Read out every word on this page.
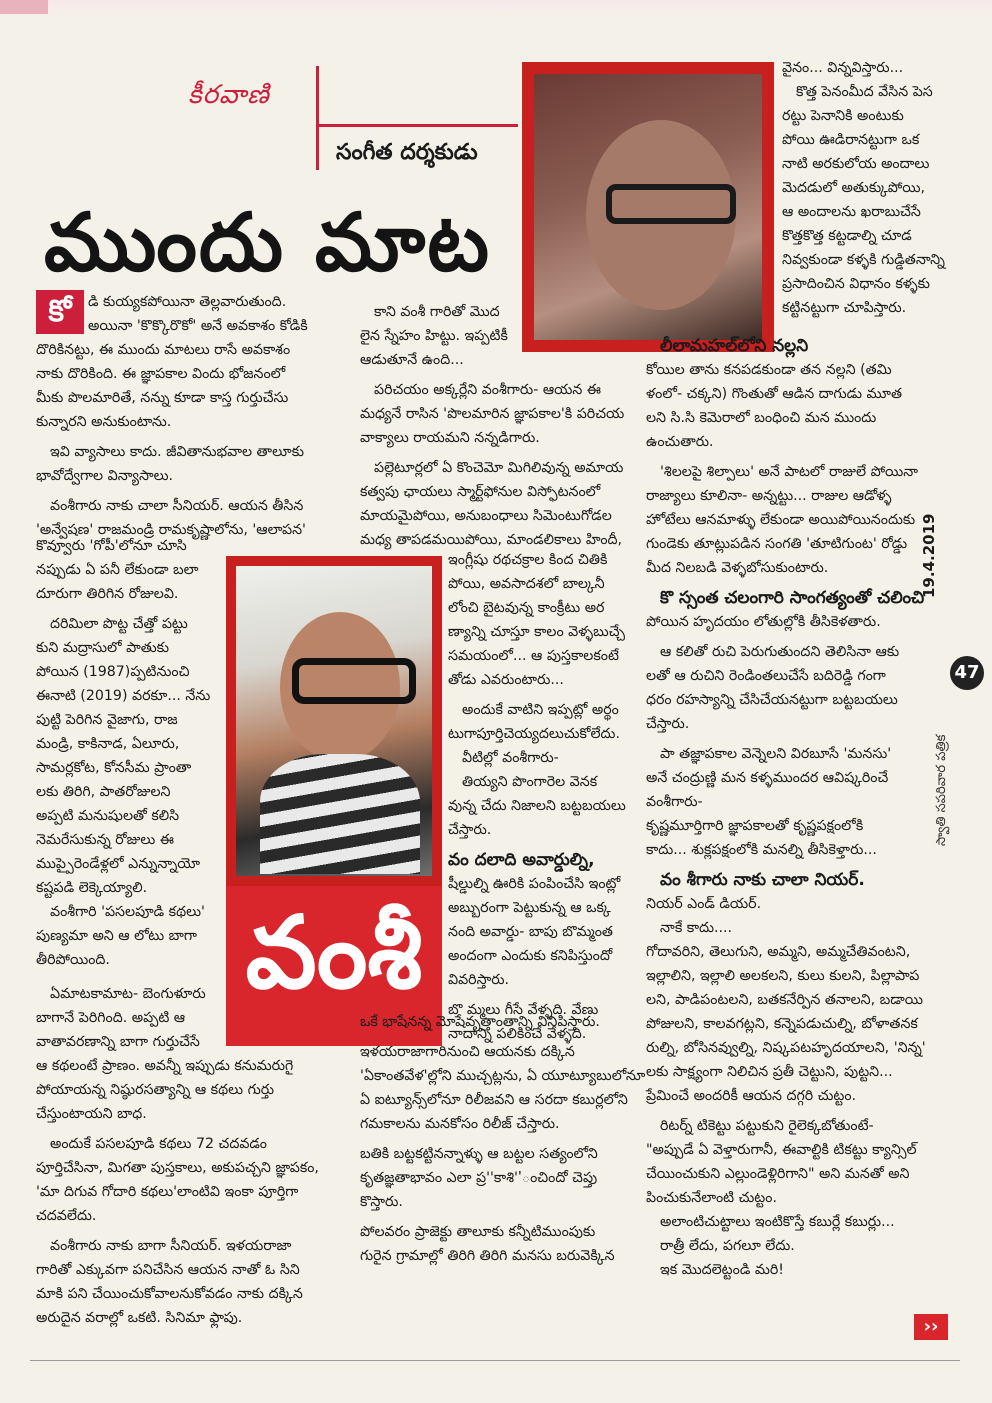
కీరవాణి
సంగీత దర్శకుడు
ముందు మాట
వంశీ

కో	డి కుయ్యకపోయినా తెల్లవారుతుంది.

అయినా 'కొక్కొరొకో' అనే అవకాశం కోడికి

దొరికినట్టు, ఈ ముందు మాటలు రాసే అవకాశం

నాకు దొరికింది. ఈ జ్ఞాపకాల విందు భోజనంలో

మీకు పొలమారితే, నన్ను కూడా కాస్త గుర్తుచేసు

కున్నారని అనుకుంటాను.

ఇవి వ్యాసాలు కాదు. జీవితానుభవాల తాలూకు

భావోద్వేగాల విన్యాసాలు.

వంశీగారు నాకు చాలా సీనియర్. ఆయన తీసిన

'అన్వేషణ' రాజమండ్రి రామకృష్ణాలోను, 'ఆలాపన'

కొవ్వూరు 'గోపీ'లోనూ చూసి

నప్పుడు ఏ పనీ లేకుండా బలా

దూరుగా తిరిగిన రోజులవి.

దరిమిలా పొట్ట చేత్తో పట్టు

కుని మద్రాసులో పాతుకు

పోయిన (1987)ప్పటినుంచి

ఈనాటి (2019) వరకూ... నేను

పుట్టి పెరిగిన వైజాగు, రాజ

మండ్రి, కాకినాడ, ఏలూరు,

సామర్లకోట, కోనసీమ ప్రాంతా

లకు తిరిగి, పాతరోజులని

అప్పటి మనుషులతో కలిసి

నెమరేసుకున్న రోజులు ఈ

ముప్పైరెండేళ్లలో ఎన్నున్నాయో

కష్టపడి లెక్కెయ్యాలి.

వంశీగారి 'పసలపూడి కథలు'

పుణ్యమా అని ఆ లోటు బాగా

తీరిపోయింది.

ఏమాటకామాట- బెంగుళూరు

బాగానే పెరిగింది. అప్పటి ఆ

వాతావరణాన్ని బాగా గుర్తుచేసే

ఆ కథలంటే ప్రాణం. అవన్నీ ఇప్పుడు కనుమరుగై

పోయాయన్న నిష్ఠురసత్యాన్ని ఆ కథలు గుర్తు

చేస్తుంటాయని బాధ.

అందుకే పసలపూడి కథలు 72 చదవడం

పూర్తిచేసినా, మిగతా పుస్తకాలు, అకుపచ్చని జ్ఞాపకం,

'మా దిగువ గోదారి కథలు'లాంటివి ఇంకా పూర్తిగా

చదవలేదు.

వంశీగారు నాకు బాగా సీనియర్. ఇళయరాజా

గారితో ఎక్కువగా పనిచేసిన ఆయన నాతో ఓ సిని

మాకి పని చేయించుకోవాలనుకోవడం నాకు దక్కిన

అరుదైన వరాల్లో ఒకటి. సినిమా ఫ్లాపు.

కాని వంశీ గారితో మొద

లైన స్నేహం హిట్టు. ఇప్పటికీ

ఆడుతూనే ఉంది...

పరిచయం అక్కర్లేని వంశీగారు- ఆయన ఈ

మధ్యనే రాసిన 'పొలమారిన జ్ఞాపకాల'కి పరిచయ

వాక్యాలు రాయమని నన్నడిగారు.

పల్లెటూర్లలో ఏ కొంచెమో మిగిలివున్న అమాయ

కత్వపు ఛాయలు స్మార్ట్‌ఫోనుల విస్ఫోటనంలో

మాయమైపోయి, అనుబంధాలు సిమెంటుగోడల

మధ్య తాపడమయిపోయి, మాండలికాలు హిందీ,

ఇంగ్లీషు రథచక్రాల కింద చితికి

పోయి, అవసాదశలో బాల్కనీ

లోంచి బైటవున్న కాంక్రీటు అర

ణ్యాన్ని చూస్తూ కాలం వెళ్ళబుచ్చే

సమయంలో... ఆ పుస్తకాలకంటే

తోడు ఎవరుంటారు...

అందుకే వాటిని ఇప్పట్లో అర్థం

టుగాపూర్తిచెయ్యదలుచుకోలేదు.

వీటిల్లో వంశీగారు-

తియ్యని పొంగారెల వెనక

వున్న చేదు నిజాలని బట్టబయలు

చేస్తారు.

వం దలాది అవార్డుల్ని,

షీల్డుల్ని ఊరికి పంపించేసి ఇంట్లో

అబ్బురంగా పెట్టుకున్న ఆ ఒక్క

నంది అవార్డు- బాపు బొమ్మంత

అందంగా ఎందుకు కనిపిస్తుందో

వివరిస్తారు.

బొ మ్మలు గీసే వేళ్ళది. వేణు

నాదాన్ని పలికించే వేళ్ళది.

ఒకే భాషేనన్న మోషేవృత్తాంతాన్ని వినిపిస్తారు.

ఇళయరాజాగారినుంచి ఆయనకు దక్కిన

'ఏకాంతవేళ'ల్లోని ముచ్చట్లను, ఏ యూట్యూబులోనూ

ఏ ఐట్యూన్స్‌లోనూ రిలీజవని ఆ సరదా కబుర్లలోని

గమకాలను మనకోసం రిలీజ్ చేస్తారు.

బతికి బట్టకట్టినన్నాళ్ళు ఆ బట్టల సత్యంలోని

కృతజ్ఞతాభావం ఎలా ప్ర''కాశి''ంచిందో చెప్తు

కొస్తారు.

పోలవరం ప్రాజెక్టు తాలూకు కన్నీటిముంపుకు

గురైన గ్రామాల్లో తిరిగి తిరిగి మనసు బరువెక్కిన

వైనం... విన్నవిస్తారు...

కొత్త పెనంమీద వేసిన పెస

రట్టు పెనానికి అంటుకు

పోయి ఊడిరానట్టుగా ఒక

నాటి అరకులోయ అందాలు

మెదడులో అతుక్కుపోయి,

ఆ అందాలను ఖరాబుచేసే

కొత్తకొత్త కట్టడాల్ని చూడ

నివ్వకుండా కళ్ళకి గుడ్డితనాన్ని

ప్రసాదించిన విధానం కళ్ళకు

కట్టినట్టుగా చూపిస్తారు.

లీలామహల్‌లోని నల్లని

కోయిల తాను కనపడకుండా తన నల్లని (తమి

ళంలో- చక్కని) గొంతుతో ఆడిన దాగుడు మూత

లని సి.సి కెమెరాలో బంధించి మన ముందు

ఉంచుతారు.

'శిలలపై శిల్పాలు' అనే పాటలో రాజులే పోయినా

రాజ్యాలు కూలినా- అన్నట్టు... రాజుల ఆడోళ్ళ

హోటేలు ఆనమాళ్ళు లేకుండా అయిపోయినందుకు

గుండెకు తూట్లుపడిన సంగతి 'తూటిగుంట' రోడ్డు

మీద నిలబడి వెళ్ళబోసుకుంటారు.

కొ స్సంత చలంగారి సాంగత్యంతో చలించి

పోయిన హృదయం లోతుల్లోకి తీసికెళతారు.

ఆ కలితో రుచి పెరుగుతుందని తెలిసినా ఆకు

లతో ఆ రుచిని రెండింతలుచేసే బదిరెడ్డి గంగా

ధరం రహస్యాన్ని చేసిచేయనట్టుగా బట్టబయలు

చేస్తారు.

పా తజ్ఞాపకాల వెన్నెలని విరబూసే 'మనసు'

అనే చంద్రుణ్ణి మన కళ్ళముందర ఆవిష్కరించే

వంశీగారు-

కృష్ణమూర్తిగారి జ్ఞాపకాలతో కృష్ణపక్షంలోకి

కాదు... శుక్లపక్షంలోకి మనల్ని తీసికెళ్తారు...

వం శీగారు నాకు చాలా నియర్.

నియర్ ఎండ్ డియర్.

నాకే కాదు....

గోదావరిని, తెలుగుని, అమ్మని, అమ్మచేతివంటని,

ఇల్లాలిని, ఇల్లాలి అలకలని, కులు కులని, పిల్లాపాప

లని, పాడిపంటలని, బతకనేర్పిన తనాలని, బడాయి

పోజులని, కాలవగట్లని, కన్నెపడుచుల్ని, బోళాతనక

రుల్ని, బోసినవ్వుల్ని, నిష్కపటహృదయాలని, 'నిన్న'

లకు సాక్ష్యంగా నిలిచిన ప్రతీ చెట్టుని, పుట్టని...

ప్రేమించే అందరికీ ఆయన దగ్గరి చుట్టం.

రిటర్న్ టికెట్టు పట్టుకుని రైలెక్కబోతుంటే-

"అప్పుడే ఏ వెళ్తారుగానీ, ఈవాల్టికి టికట్టు క్యాన్సిల్

చేయించుకుని ఎల్లుండెళ్లిరిగాని" అని మనతో అని

పించుకునేలాంటి చుట్టం.

అలాంటిచుట్టాలు ఇంటికొస్తే కబుర్లే కబుర్లు...

రాత్రీ లేదు, పగలూ లేదు.

ఇక మొదలెట్టండి మరి!

19.4.2019
47
స్వాతి సపరివార పత్రిక
››
